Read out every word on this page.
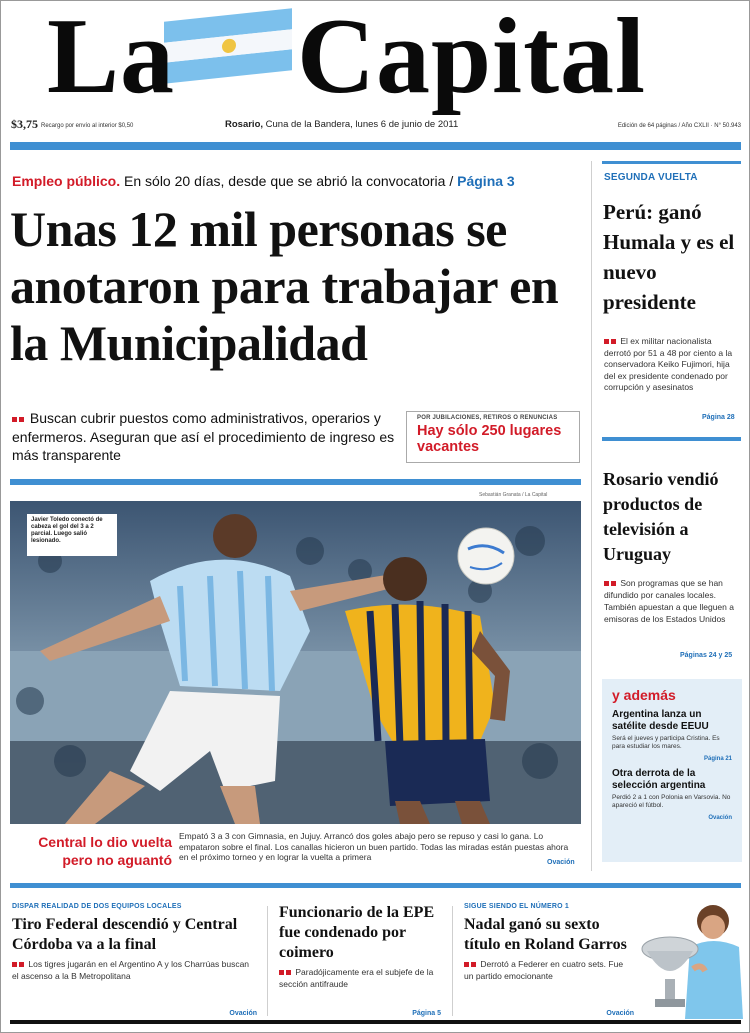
La Capital
$3,75 Recargo por envío al interior $0,50	Rosario, Cuna de la Bandera, lunes 6 de junio de 2011	Edición de 64 páginas / Año CXLII · N° 50.943
Empleo público. En sólo 20 días, desde que se abrió la convocatoria / Página 3
Unas 12 mil personas se anotaron para trabajar en la Municipalidad
Buscan cubrir puestos como administrativos, operarios y enfermeros. Aseguran que así el procedimiento de ingreso es más transparente
POR JUBILACIONES, RETIROS O RENUNCIAS
Hay sólo 250 lugares vacantes
Sebastián Granata / La Capital
Javier Toledo conectó de cabeza el gol del 3 a 2 parcial. Luego salió lesionado.
Central lo dio vuelta pero no aguantó
Empató 3 a 3 con Gimnasia, en Jujuy. Arrancó dos goles abajo pero se repuso y casi lo gana. Lo empataron sobre el final. Los canallas hicieron un buen partido. Todas las miradas están puestas ahora en el próximo torneo y en lograr la vuelta a primera
Ovación
SEGUNDA VUELTA
Perú: ganó Humala y es el nuevo presidente
El ex militar nacionalista derrotó por 51 a 48 por ciento a la conservadora Keiko Fujimori, hija del ex presidente condenado por corrupción y asesinatos
Página 28
Rosario vendió productos de televisión a Uruguay
Son programas que se han difundido por canales locales. También apuestan a que lleguen a emisoras de los Estados Unidos
Páginas 24 y 25
y además
Argentina lanza un satélite desde EEUU
Será el jueves y participa Cristina. Es para estudiar los mares.
Página 21
Otra derrota de la selección argentina
Perdió 2 a 1 con Polonia en Varsovia. No apareció el fútbol.
Ovación
DISPAR REALIDAD DE DOS EQUIPOS LOCALES
Tiro Federal descendió y Central Córdoba va a la final
Los tigres jugarán en el Argentino A y los Charrúas buscan el ascenso a la B Metropolitana
Ovación
Funcionario de la EPE fue condenado por coimero
Paradójicamente era el subjefe de la sección antifraude
Página 5
SIGUE SIENDO EL NÚMERO 1
Nadal ganó su sexto título en Roland Garros
Derrotó a Federer en cuatro sets. Fue un partido emocionante
Ovación
